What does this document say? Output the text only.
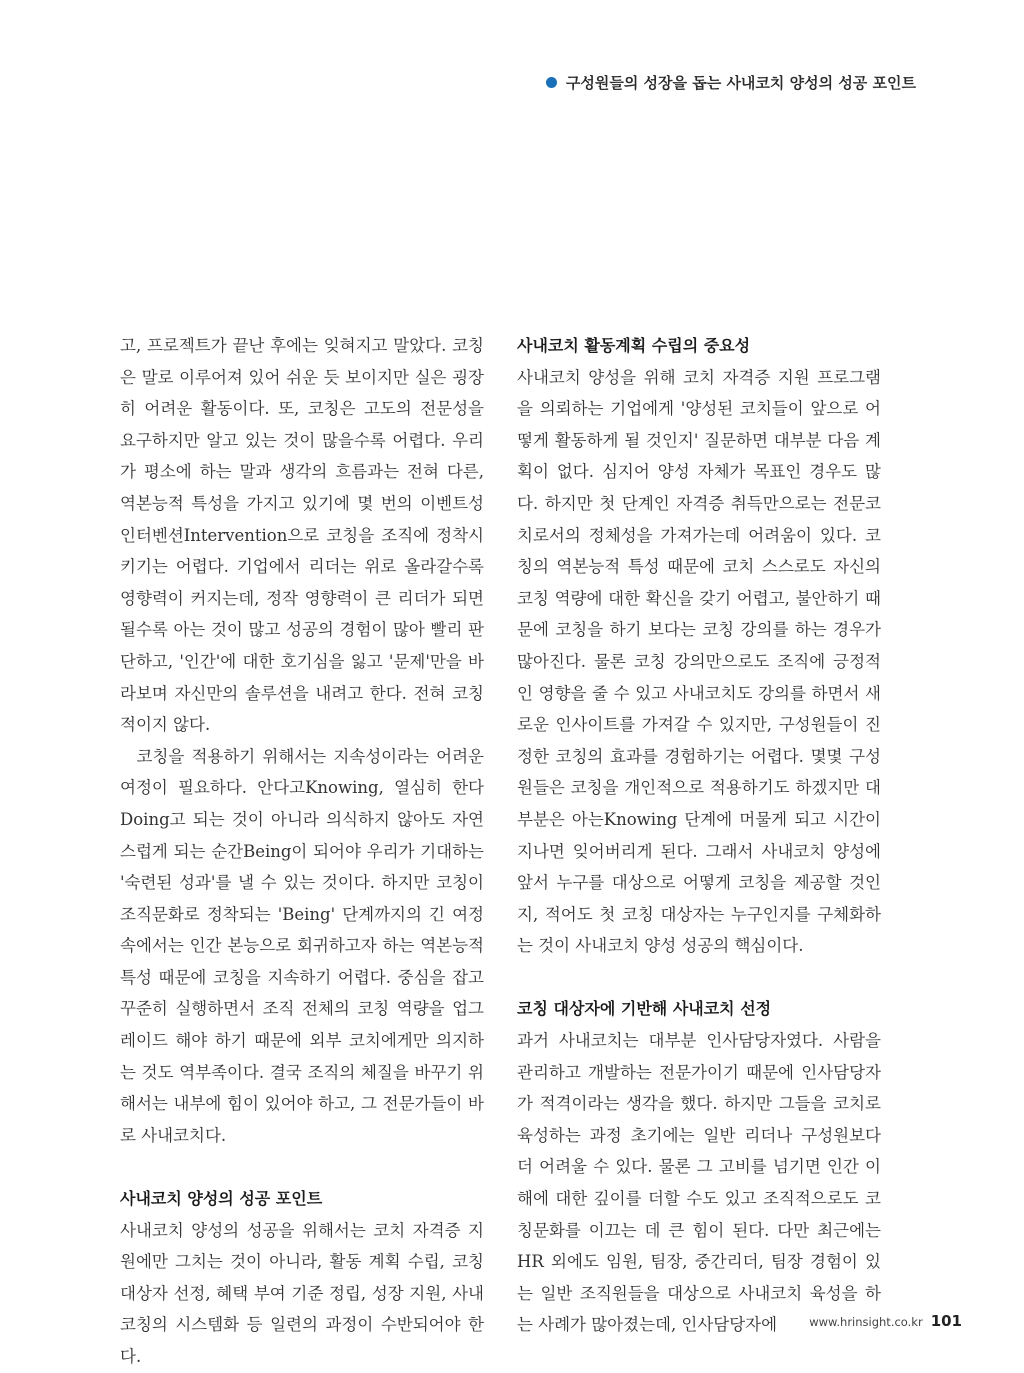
구성원들의 성장을 돕는 사내코치 양성의 성공 포인트

고, 프로젝트가 끝난 후에는 잊혀지고 말았다. 코칭은 말로 이루어져 있어 쉬운 듯 보이지만 실은 굉장히 어려운 활동이다. 또, 코칭은 고도의 전문성을 요구하지만 알고 있는 것이 많을수록 어렵다. 우리가 평소에 하는 말과 생각의 흐름과는 전혀 다른, 역본능적 특성을 가지고 있기에 몇 번의 이벤트성 인터벤션Intervention으로 코칭을 조직에 정착시키기는 어렵다. 기업에서 리더는 위로 올라갈수록 영향력이 커지는데, 정작 영향력이 큰 리더가 되면 될수록 아는 것이 많고 성공의 경험이 많아 빨리 판단하고, '인간'에 대한 호기심을 잃고 '문제'만을 바라보며 자신만의 솔루션을 내려고 한다. 전혀 코칭적이지 않다.

코칭을 적용하기 위해서는 지속성이라는 어려운 여정이 필요하다. 안다고Knowing, 열심히 한다Doing고 되는 것이 아니라 의식하지 않아도 자연스럽게 되는 순간Being이 되어야 우리가 기대하는 '숙련된 성과'를 낼 수 있는 것이다. 하지만 코칭이 조직문화로 정착되는 'Being' 단계까지의 긴 여정 속에서는 인간 본능으로 회귀하고자 하는 역본능적 특성 때문에 코칭을 지속하기 어렵다. 중심을 잡고 꾸준히 실행하면서 조직 전체의 코칭 역량을 업그레이드 해야 하기 때문에 외부 코치에게만 의지하는 것도 역부족이다. 결국 조직의 체질을 바꾸기 위해서는 내부에 힘이 있어야 하고, 그 전문가들이 바로 사내코치다.

사내코치 양성의 성공 포인트

사내코치 양성의 성공을 위해서는 코치 자격증 지원에만 그치는 것이 아니라, 활동 계획 수립, 코칭 대상자 선정, 혜택 부여 기준 정립, 성장 지원, 사내코칭의 시스템화 등 일련의 과정이 수반되어야 한다.

사내코치 활동계획 수립의 중요성

사내코치 양성을 위해 코치 자격증 지원 프로그램을 의뢰하는 기업에게 '양성된 코치들이 앞으로 어떻게 활동하게 될 것인지' 질문하면 대부분 다음 계획이 없다. 심지어 양성 자체가 목표인 경우도 많다. 하지만 첫 단계인 자격증 취득만으로는 전문코치로서의 정체성을 가져가는데 어려움이 있다. 코칭의 역본능적 특성 때문에 코치 스스로도 자신의 코칭 역량에 대한 확신을 갖기 어렵고, 불안하기 때문에 코칭을 하기 보다는 코칭 강의를 하는 경우가 많아진다. 물론 코칭 강의만으로도 조직에 긍정적인 영향을 줄 수 있고 사내코치도 강의를 하면서 새로운 인사이트를 가져갈 수 있지만, 구성원들이 진정한 코칭의 효과를 경험하기는 어렵다. 몇몇 구성원들은 코칭을 개인적으로 적용하기도 하겠지만 대부분은 아는Knowing 단계에 머물게 되고 시간이 지나면 잊어버리게 된다. 그래서 사내코치 양성에 앞서 누구를 대상으로 어떻게 코칭을 제공할 것인지, 적어도 첫 코칭 대상자는 누구인지를 구체화하는 것이 사내코치 양성 성공의 핵심이다.

코칭 대상자에 기반해 사내코치 선정

과거 사내코치는 대부분 인사담당자였다. 사람을 관리하고 개발하는 전문가이기 때문에 인사담당자가 적격이라는 생각을 했다. 하지만 그들을 코치로 육성하는 과정 초기에는 일반 리더나 구성원보다 더 어려울 수 있다. 물론 그 고비를 넘기면 인간 이해에 대한 깊이를 더할 수도 있고 조직적으로도 코칭문화를 이끄는 데 큰 힘이 된다. 다만 최근에는 HR 외에도 임원, 팀장, 중간리더, 팀장 경험이 있는 일반 조직원들을 대상으로 사내코치 육성을 하는 사례가 많아졌는데, 인사담당자에	www.hrinsight.co.kr 101
